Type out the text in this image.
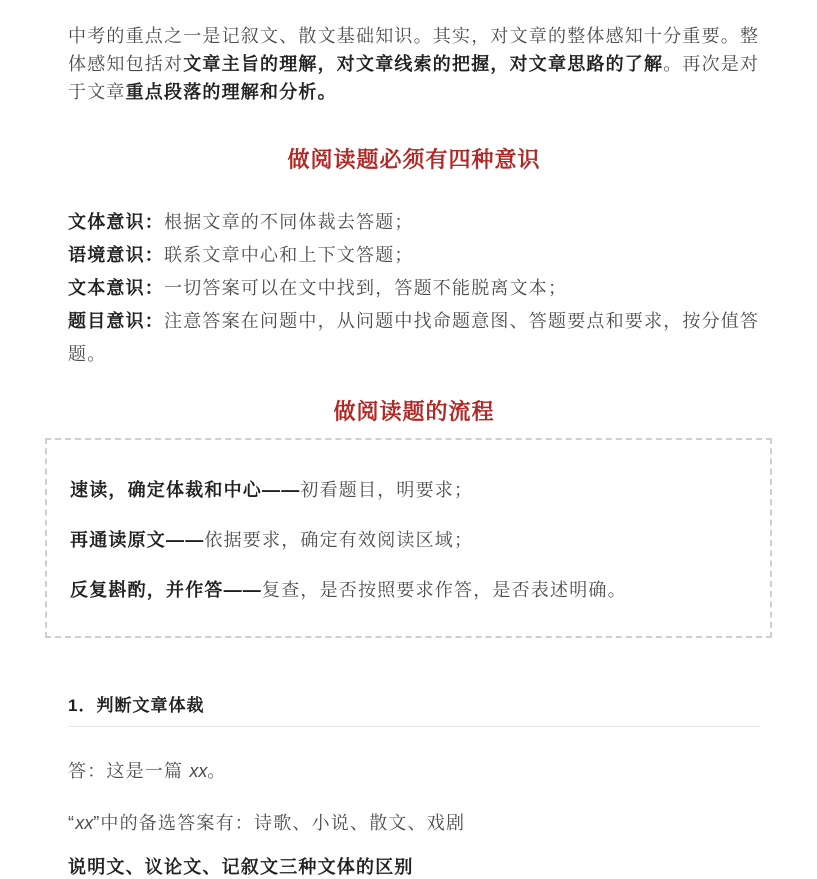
中考的重点之一是记叙文、散文基础知识。其实，对文章的整体感知十分重要。整体感知包括对文章主旨的理解，对文章线索的把握，对文章思路的了解。再次是对于文章重点段落的理解和分析。

做阅读题必须有四种意识

文体意识：根据文章的不同体裁去答题；

语境意识：联系文章中心和上下文答题；

文本意识：一切答案可以在文中找到，答题不能脱离文本；

题目意识：注意答案在问题中，从问题中找命题意图、答题要点和要求，按分值答题。

做阅读题的流程

速读，确定体裁和中心——初看题目，明要求；

再通读原文——依据要求，确定有效阅读区域；

反复斟酌，并作答——复查，是否按照要求作答，是否表述明确。

1．判断文章体裁

答：这是一篇 xx。

“xx”中的备选答案有：诗歌、小说、散文、戏剧

说明文、议论文、记叙文三种文体的区别
